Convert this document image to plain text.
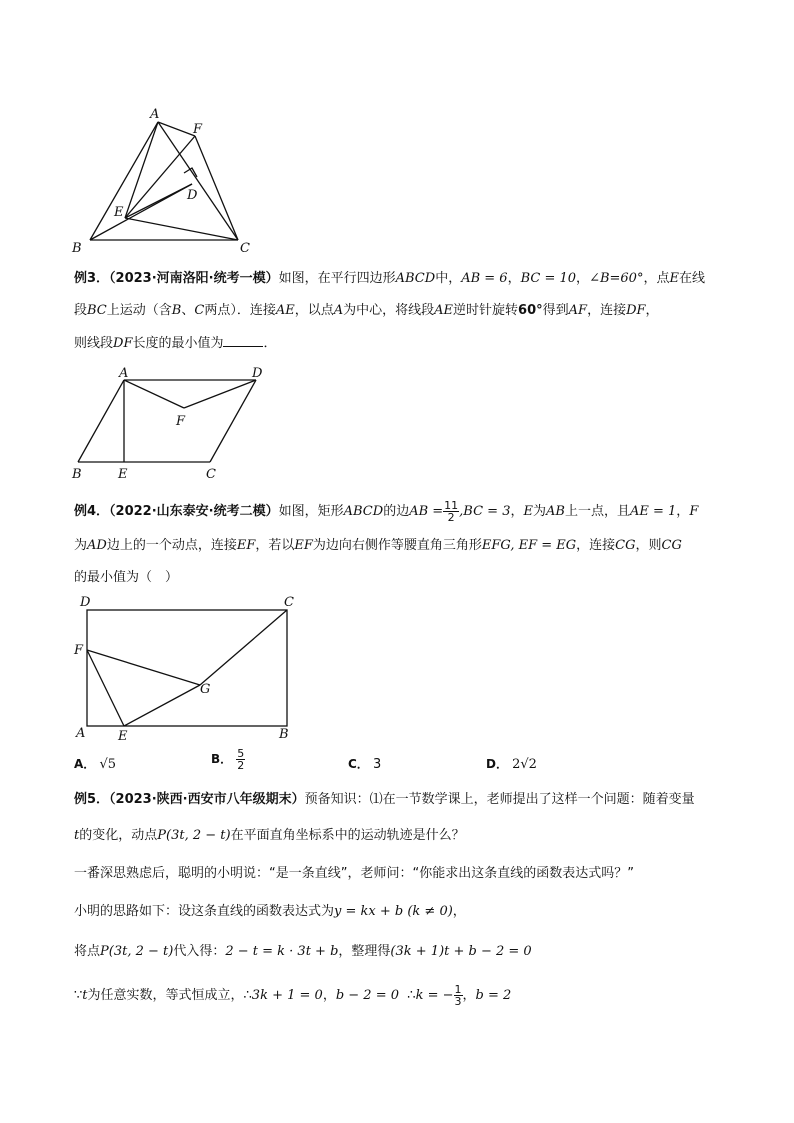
A
F
D
E
B	C
例3．（2023·河南洛阳·统考一模）如图，在平行四边形ABCD中，AB = 6，BC = 10，∠B=60°，点E在线
段BC上运动（含B、C两点）．连接AE，以点A为中心，将线段AE逆时针旋转60°得到AF，连接DF，
则线段DF长度的最小值为	．
A	D
F
B	E	C
例4．（2022·山东泰安·统考二模）如图，矩形ABCD的边AB = $\frac{11}{2} ,BC = 3$，E为AB上一点，且AE = 1，F
为AD边上的一个动点，连接EF，若以EF为边向右侧作等腰直角三角形EFG, EF = EG，连接CG，则CG
的最小值为（　）
D	C
F
G
A	E	B
A． √5	B． $\frac{5}{2}$	C． 3	D． 2√2
例5．（2023·陕西·西安市八年级期末）预备知识：⑴在一节数学课上，老师提出了这样一个问题：随着变量
t的变化，动点P(3t, 2 − t)在平面直角坐标系中的运动轨迹是什么？
一番深思熟虑后，聪明的小明说：“是一条直线”，老师问：“你能求出这条直线的函数表达式吗？”
小明的思路如下：设这条直线的函数表达式为y = kx + b (k ≠ 0)，
将点P(3t, 2 − t)代入得：2 − t = k · 3t + b，整理得(3k + 1)t + b − 2 = 0
∵t为任意实数，等式恒成立，∴3k + 1 = 0，b − 2 = 0 ∴k = − $\frac{1}{3}$ ，b = 2
